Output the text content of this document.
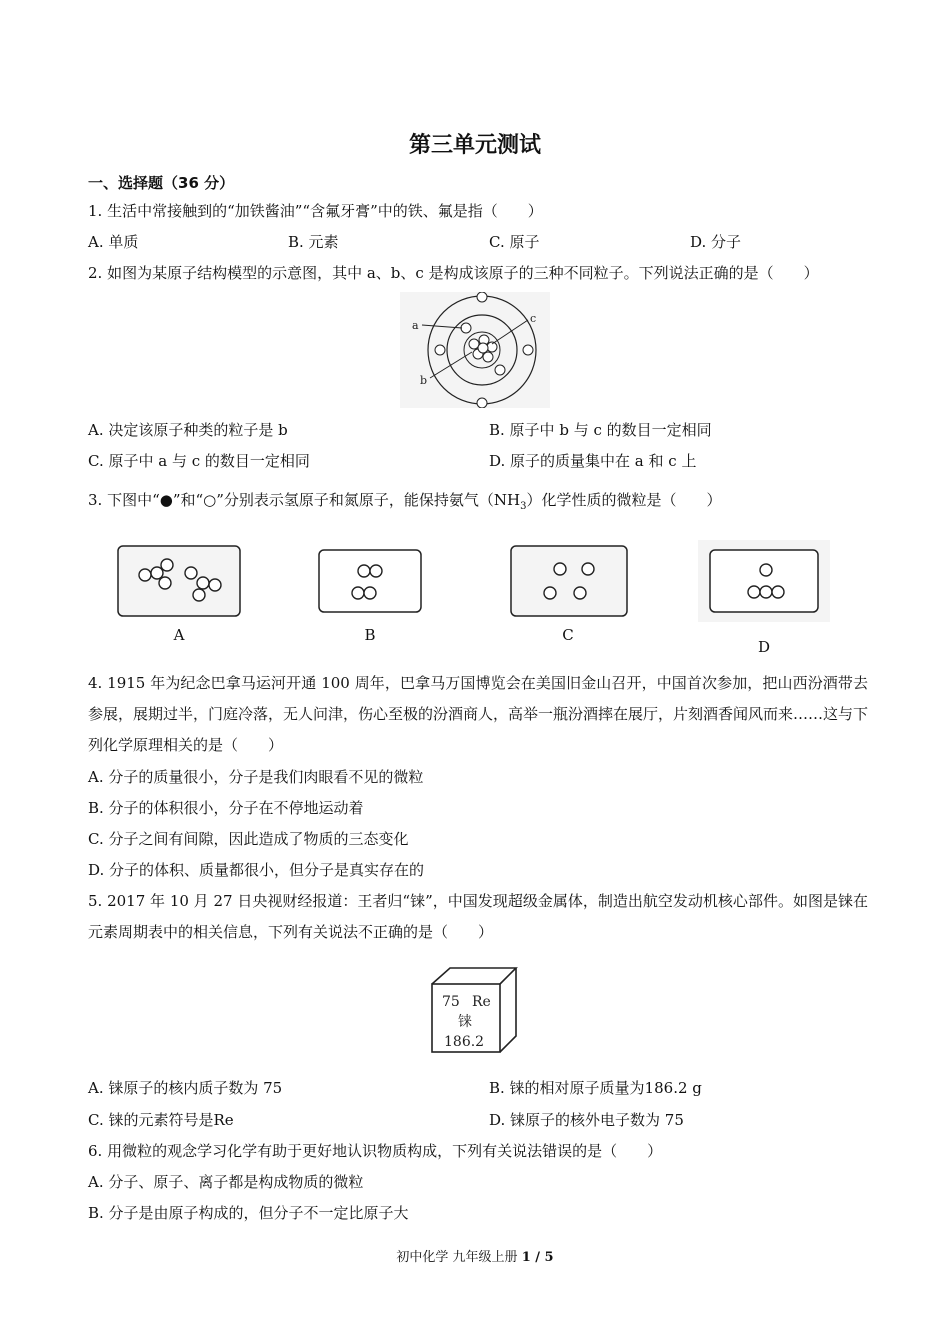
第三单元测试
一、选择题（36 分）
1. 生活中常接触到的“加铁酱油”“含氟牙膏”中的铁、氟是指（　　）
A. 单质	B. 元素	C. 原子	D. 分子
2. 如图为某原子结构模型的示意图，其中 a、b、c 是构成该原子的三种不同粒子。下列说法正确的是（　　）
a
b
c
A. 决定该原子种类的粒子是 b	B. 原子中 b 与 c 的数目一定相同
C. 原子中 a 与 c 的数目一定相同	D. 原子的质量集中在 a 和 c 上
3. 下图中“●”和“○”分别表示氢原子和氮原子，能保持氨气$(NH_3)$化学性质的微粒是（　　）
A	B	C
D
4. 1915 年为纪念巴拿马运河开通 100 周年，巴拿马万国博览会在美国旧金山召开，中国首次参加，把山西汾酒带去参展，展期过半，门庭冷落，无人问津，伤心至极的汾酒商人，高举一瓶汾酒摔在展厅，片刻酒香闻风而来……这与下列化学原理相关的是（　　）
A. 分子的质量很小，分子是我们肉眼看不见的微粒
B. 分子的体积很小，分子在不停地运动着
C. 分子之间有间隙，因此造成了物质的三态变化
D. 分子的体积、质量都很小，但分子是真实存在的
5. 2017 年 10 月 27 日央视财经报道：王者归“铼”，中国发现超级金属体，制造出航空发动机核心部件。如图是铼在元素周期表中的相关信息，下列有关说法不正确的是（　　）
75 Re
铼
186.2
A. 铼原子的核内质子数为 75	B. 铼的相对原子质量为186.2 g
C. 铼的元素符号是Re	D. 铼原子的核外电子数为 75
6. 用微粒的观念学习化学有助于更好地认识物质构成，下列有关说法错误的是（　　）
A. 分子、原子、离子都是构成物质的微粒
B. 分子是由原子构成的，但分子不一定比原子大
初中化学 九年级上册 1 / 5
